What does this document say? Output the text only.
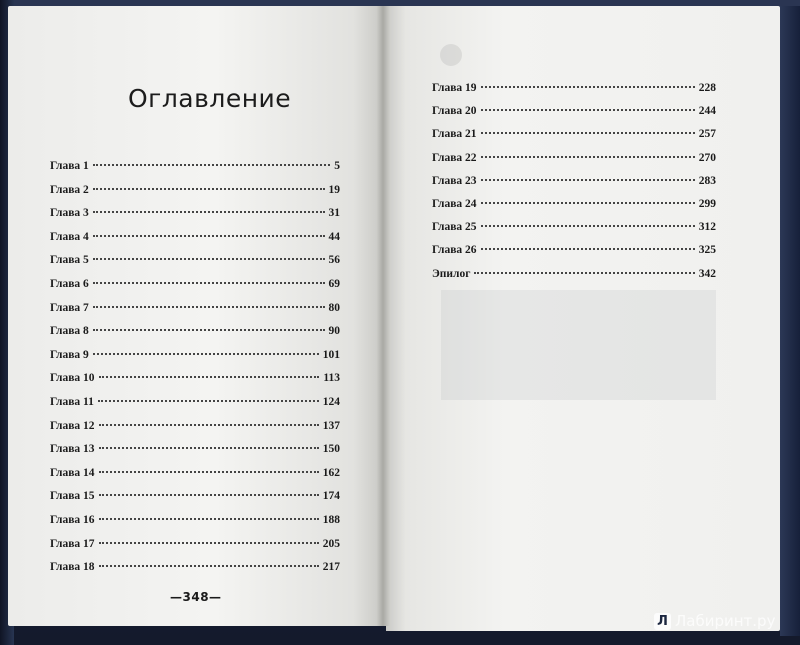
Оглавление
Глава 1	5
Глава 2	19
Глава 3	31
Глава 4	44
Глава 5	56
Глава 6	69
Глава 7	80
Глава 8	90
Глава 9	101
Глава 10	113
Глава 11	124
Глава 12	137
Глава 13	150
Глава 14	162
Глава 15	174
Глава 16	188
Глава 17	205
Глава 18	217
Глава 19	228
Глава 20	244
Глава 21	257
Глава 22	270
Глава 23	283
Глава 24	299
Глава 25	312
Глава 26	325
Эпилог	342
—348—
Л Лабиринт.ру
